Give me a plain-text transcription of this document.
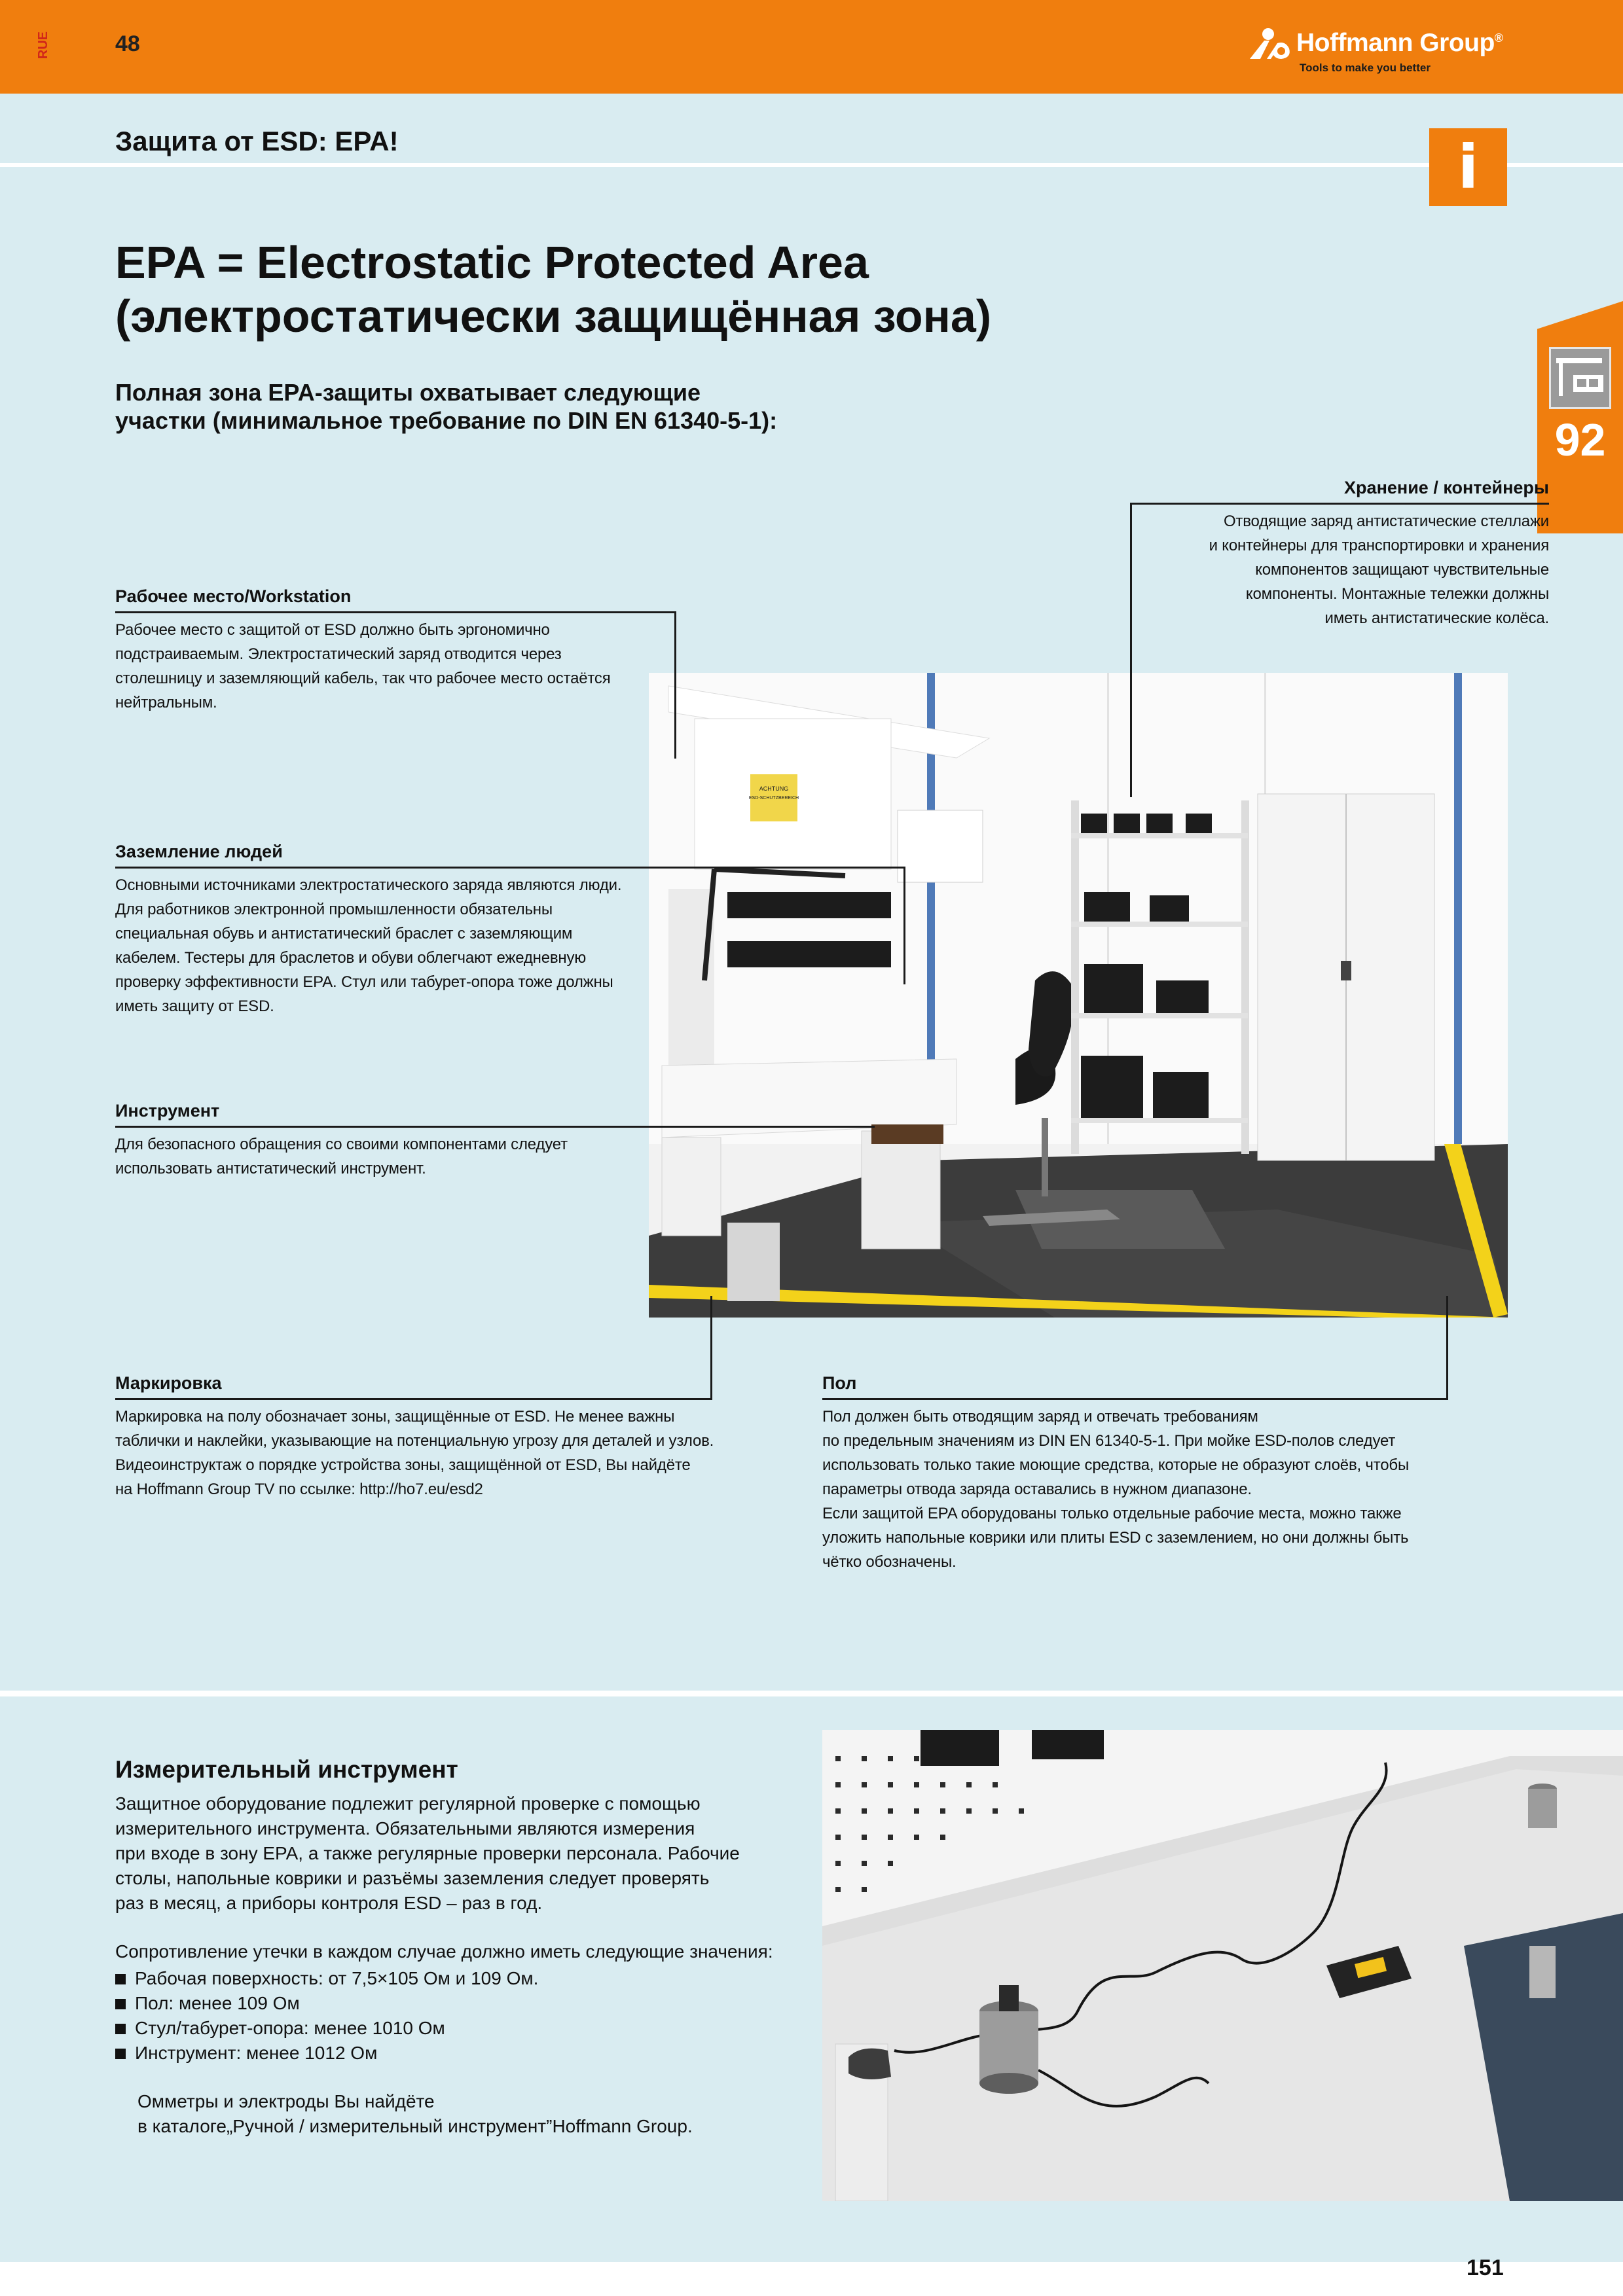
RUE	48	Hoffmann Group®
Tools to make you better
Защита от ESD: EPA!	i
92
EPA = Electrostatic Protected Area
(электростатически защищённая зона)
Полная зона EPA-защиты охватывает следующие
участки (минимальное требование по DIN EN 61340-5-1):
ACHTUNG
ESD-SCHUTZBEREICH
Рабочее место/Workstation
Рабочее место с защитой от ESD должно быть эргономично
подстраиваемым. Электростатический заряд отводится через
столешницу и заземляющий кабель, так что рабочее место остаётся
нейтральным.
Заземление людей
Основными источниками электростатического заряда являются люди.
Для работников электронной промышленности обязательны
специальная обувь и антистатический браслет с заземляющим
кабелем. Тестеры для браслетов и обуви облегчают ежедневную
проверку эффективности EPA. Стул или табурет-опора тоже должны
иметь защиту от ESD.
Инструмент
Для безопасного обращения со своими компонентами следует
использовать антистатический инструмент.
Хранение / контейнеры
Отводящие заряд антистатические стеллажи
и контейнеры для транспортировки и хранения
компонентов защищают чувствительные
компоненты. Монтажные тележки должны
иметь антистатические колёса.
Маркировка
Маркировка на полу обозначает зоны, защищённые от ESD. Не менее важны
таблички и наклейки, указывающие на потенциальную угрозу для деталей и узлов.
Видеоинструктаж о порядке устройства зоны, защищённой от ESD, Вы найдёте
на Hoffmann Group TV по ссылке: http://ho7.eu/esd2
Пол
Пол должен быть отводящим заряд и отвечать требованиям
по предельным значениям из DIN EN 61340-5-1. При мойке ESD-полов следует
использовать только такие моющие средства, которые не образуют слоёв, чтобы
параметры отвода заряда оставались в нужном диапазоне.
Если защитой EPA оборудованы только отдельные рабочие места, можно также
уложить напольные коврики или плиты ESD с заземлением, но они должны быть
чётко обозначены.
Измерительный инструмент
Защитное оборудование подлежит регулярной проверке с помощью
измерительного инструмента. Обязательными являются измерения
при входе в зону EPA, а также регулярные проверки персонала. Рабочие
столы, напольные коврики и разъёмы заземления следует проверять
раз в месяц, а приборы контроля ESD – раз в год.
Сопротивление утечки в каждом случае должно иметь следующие значения:
Рабочая поверхность: от 7,5×105 Ом и 109 Ом.
Пол: менее 109 Ом
Стул/табурет-опора: менее 1010 Ом
Инструмент: менее 1012 Ом
Омметры и электроды Вы найдёте
в каталоге„Ручной / измерительный инструмент”Hoffmann Group.
151
